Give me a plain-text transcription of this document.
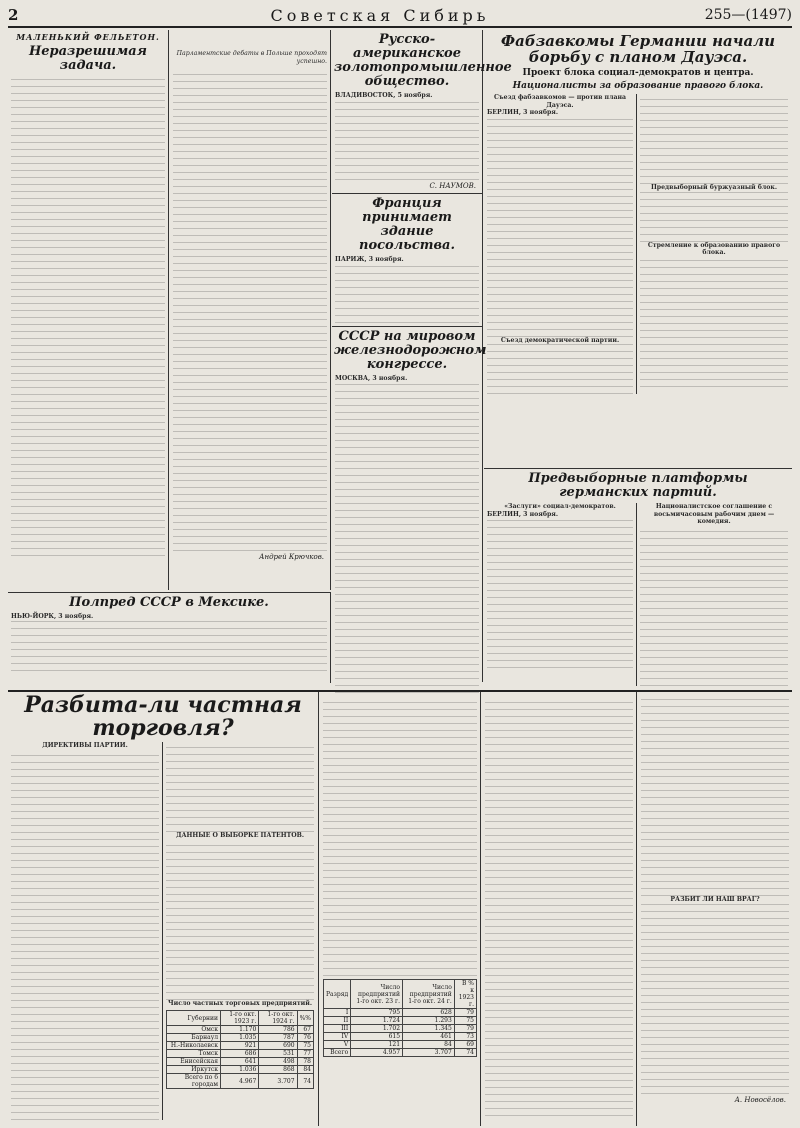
2	Советская Сибирь	255—(1497)
МАЛЕНЬКИЙ ФЕЛЬЕТОН.
Неразрешимая задача.
Парламентские дебаты в Польше проходят успешно.
Андрей Крючков.
Полпред СССР в Мексике.
НЬЮ-ЙОРК, 3 ноября.
Русско-американское золотопромышленное общество.
ВЛАДИВОСТОК, 5 ноября.
С. НАУМОВ.
Франция принимает здание посольства.
ПАРИЖ, 3 ноября.
СССР на мировом железнодорожном конгрессе.
МОСКВА, 3 ноября.
Фабзавкомы Германии начали борьбу с планом Дауэса.
Проект блока социал-демократов и центра.
Националисты за образование правого блока.
Съезд фабзавкомов — против плана Дауэса.
БЕРЛИН, 3 ноября.
Съезд демократической партии.
Предвыборный буржуазный блок.
Стремление к образованию правого блока.
Предвыборные платформы германских партий.
«Заслуги» социал-демократов.
БЕРЛИН, 3 ноября.
Националистское соглашение с восьмичасовым рабочим днем — комедия.
Разбита-ли частная торговля?
ДИРЕКТИВЫ ПАРТИИ.
ДАННЫЕ О ВЫБОРКЕ ПАТЕНТОВ.
Число частных торговых предприятий.
Губернии	1-го окт. 1923 г.	1-го окт. 1924 г.	%%
Омск	1.170	786	67
Барнаул	1.035	787	76
Н.-Николаевск	921	690	75
Томск	686	531	77
Енисейская	641	498	78
Иркутск	1.036	868	84
Всего по 6 городам	4.967	3.707	74
Разряд	Число предприятий 1-го окт. 23 г.	Число предприятий 1-го окт. 24 г.	В % к 1923 г.
I	795	628	79
II	1.724	1.293	75
III	1.702	1.345	79
IV	615	461	73
V	121	84	69
Всего	4.957	3.707	74
РАЗБИТ ЛИ НАШ ВРАГ?
А. Новосёлов.
